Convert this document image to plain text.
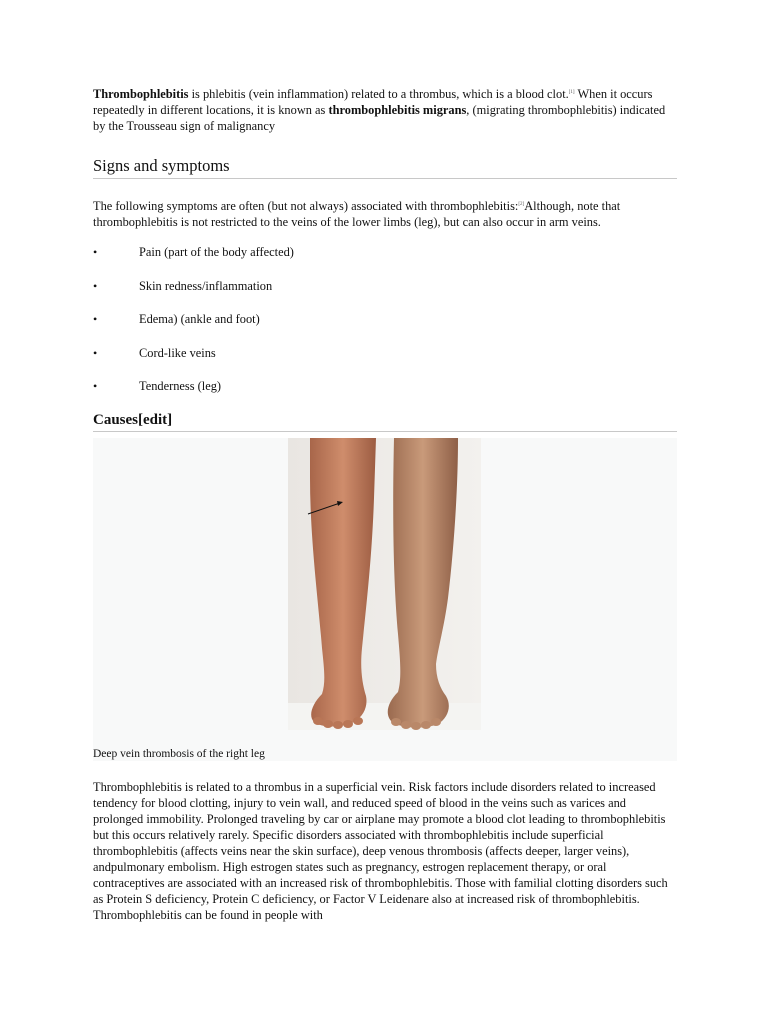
Thrombophlebitis is phlebitis (vein inflammation) related to a thrombus, which is a blood clot.[1] When it occurs repeatedly in different locations, it is known as thrombophlebitis migrans, (migrating thrombophlebitis) indicated by the Trousseau sign of malignancy

Signs and symptoms

The following symptoms are often (but not always) associated with thrombophlebitis:[2]Although, note that thrombophlebitis is not restricted to the veins of the lower limbs (leg), but can also occur in arm veins.

•	Pain (part of the body affected)
•	Skin redness/inflammation
•	Edema) (ankle and foot)
•	Cord-like veins
•	Tenderness (leg)
Causes[edit]
Deep vein thrombosis of the right leg

Thrombophlebitis is related to a thrombus in a superficial vein. Risk factors include disorders related to increased tendency for blood clotting, injury to vein wall, and reduced speed of blood in the veins such as varices and prolonged immobility. Prolonged traveling by car or airplane may promote a blood clot leading to thrombophlebitis but this occurs relatively rarely. Specific disorders associated with thrombophlebitis include superficial thrombophlebitis (affects veins near the skin surface), deep venous thrombosis (affects deeper, larger veins), andpulmonary embolism. High estrogen states such as pregnancy, estrogen replacement therapy, or oral contraceptives are associated with an increased risk of thrombophlebitis. Those with familial clotting disorders such as Protein S deficiency, Protein C deficiency, or Factor V Leidenare also at increased risk of thrombophlebitis. Thrombophlebitis can be found in people with
